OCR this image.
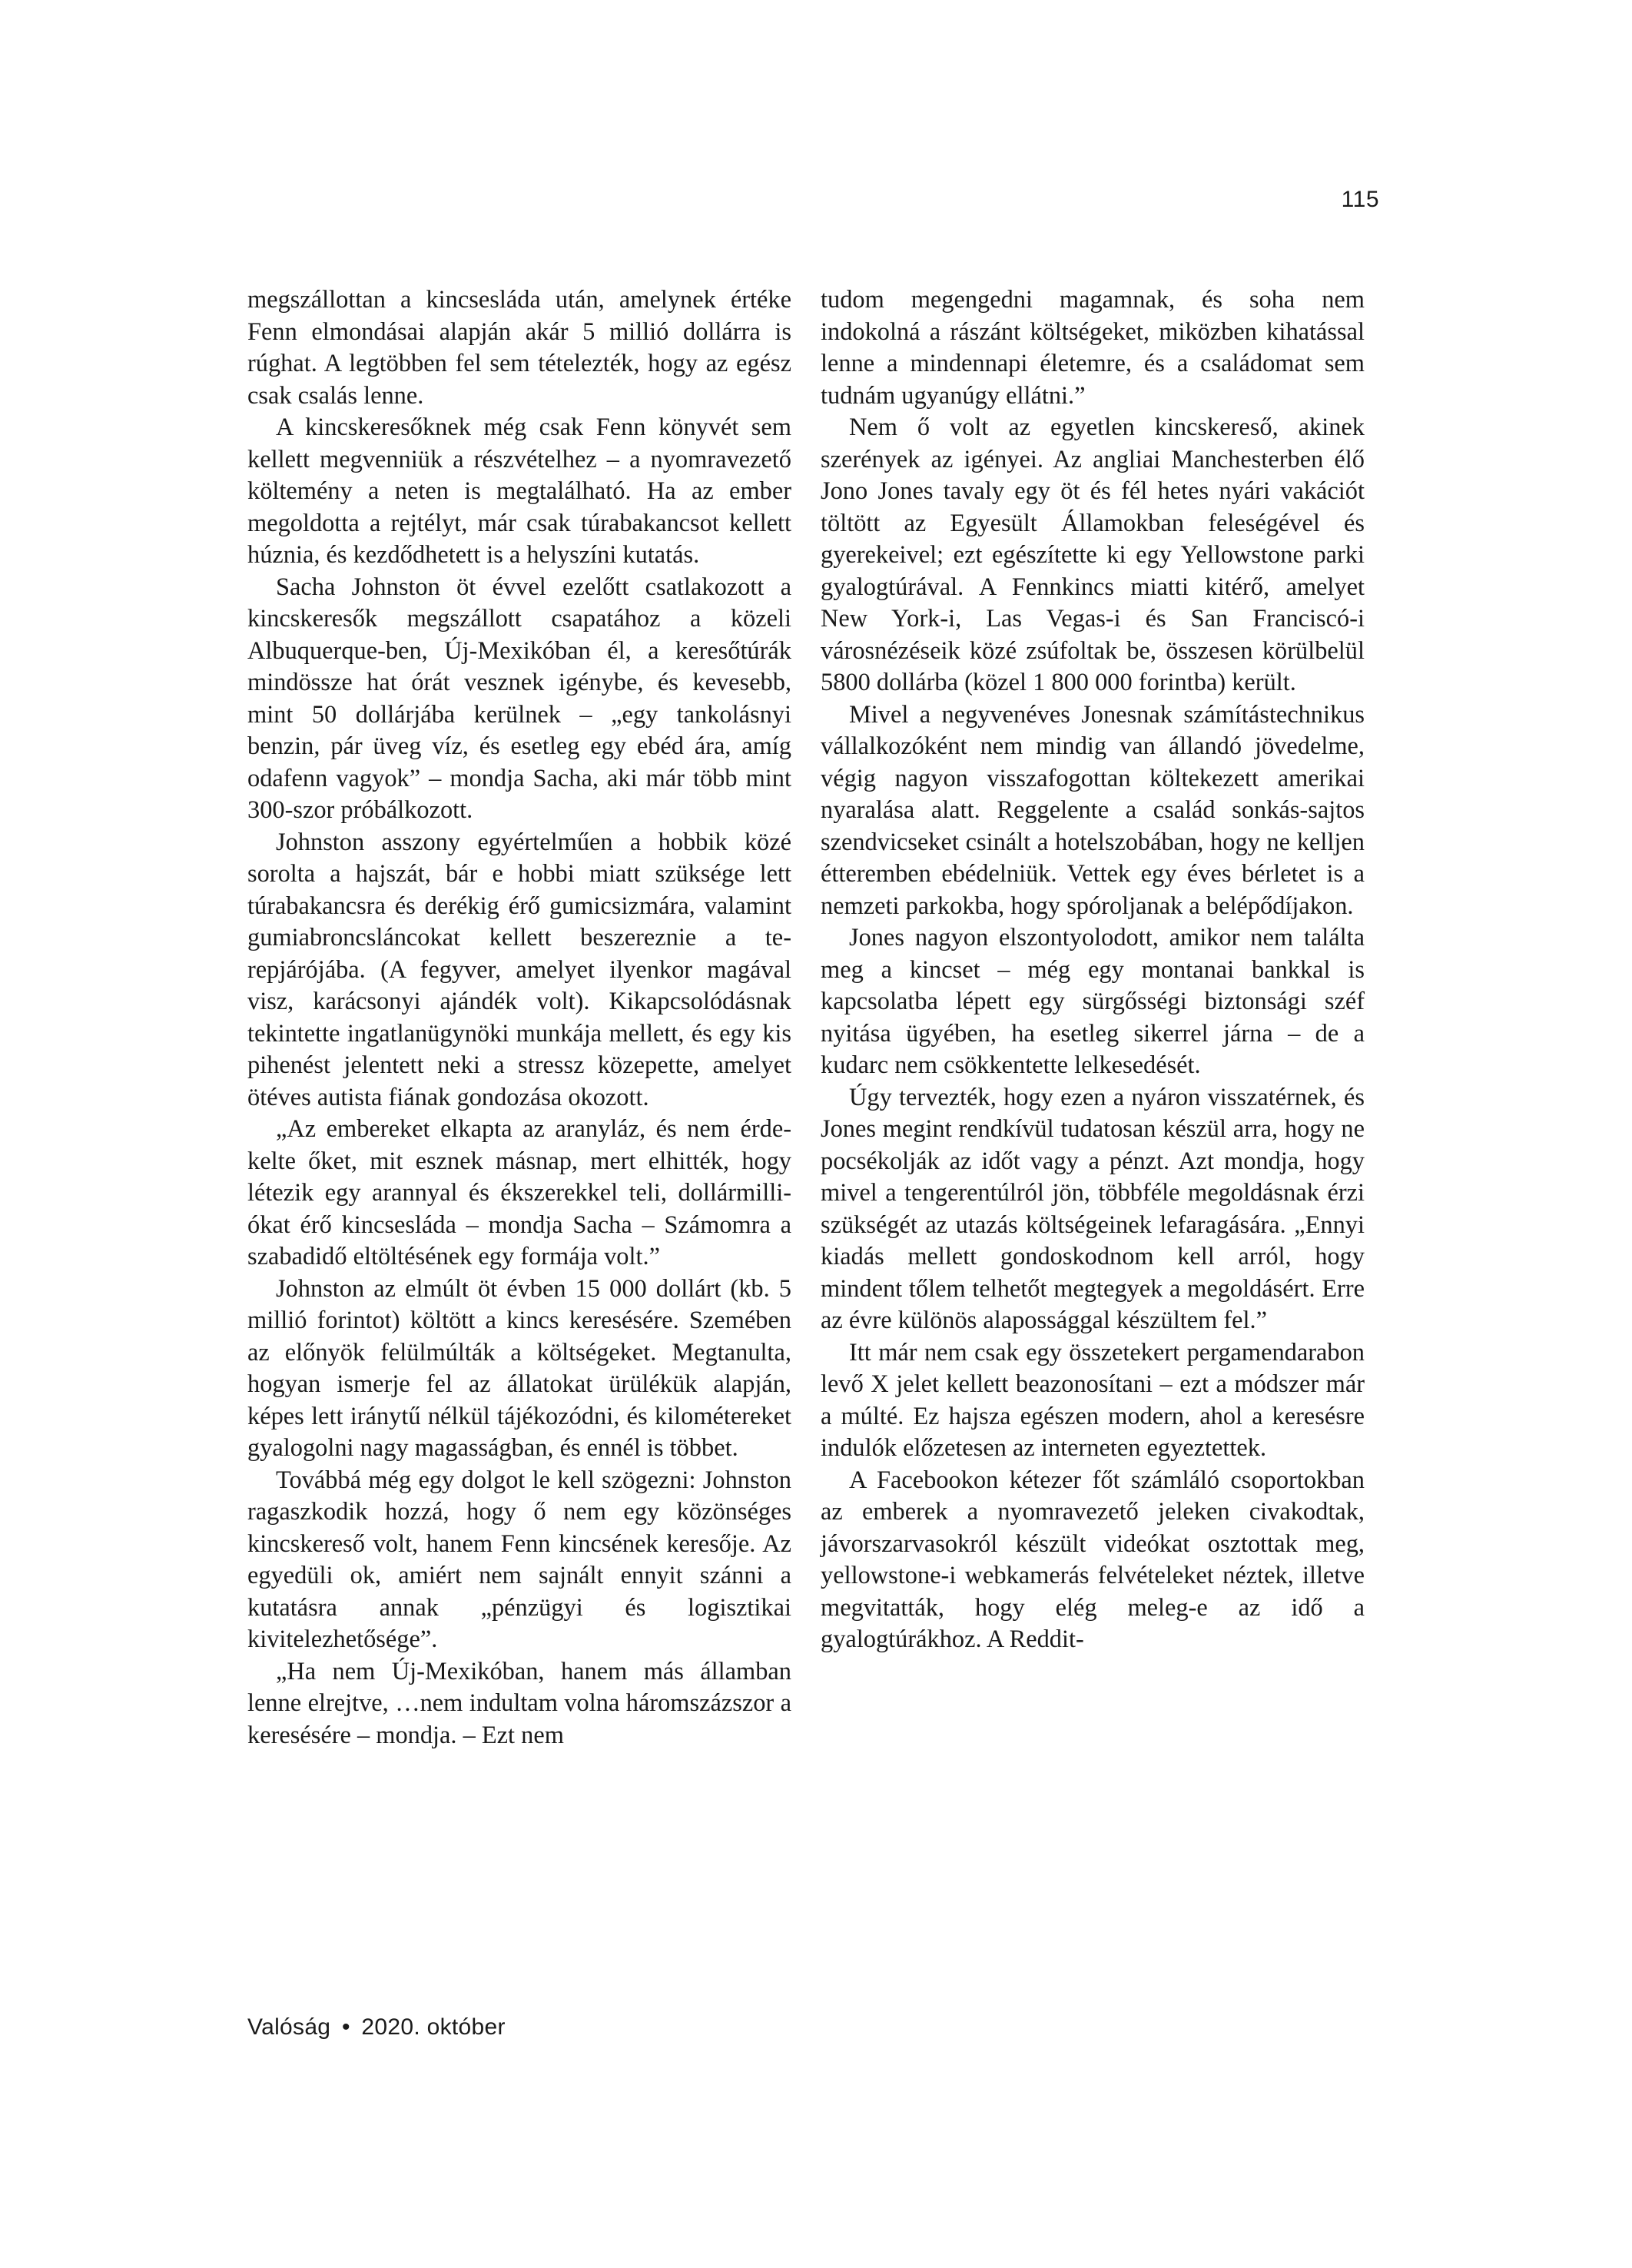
115

megszállottan a kincsesláda után, amelynek értéke Fenn elmondásai alapján akár 5 millió dollárra is rúghat. A legtöbben fel sem tételezték, hogy az egész csak csalás lenne.

A kincskeresőknek még csak Fenn könyvét sem kellett megvenniük a részvételhez – a nyomravezető költemény a neten is megtalálható. Ha az ember megoldotta a rejtélyt, már csak túrabakancsot kellett húznia, és kezdődhetett is a helyszíni kutatás.

Sacha Johnston öt évvel ezelőtt csatlakozott a kincskeresők megszállott csapatához a közeli Albuquerque-ben, Új-Mexikóban él, a keresőtúrák mindössze hat órát vesznek igénybe, és kevesebb, mint 50 dollárjába kerülnek – „egy tankolásnyi benzin, pár üveg víz, és esetleg egy ebéd ára, amíg odafenn vagyok” – mondja Sacha, aki már több mint 300-szor próbálkozott.

Johnston asszony egyértelműen a hobbik közé sorolta a hajszát, bár e hobbi miatt szüksége lett túrabakancsra és derékig érő gumicsizmára, valamint gumiabroncsláncokat kellett beszereznie a terepjárójába. (A fegyver, amelyet ilyenkor magával visz, karácsonyi ajándék volt). Kikapcsolódásnak tekintette ingatlanügynöki munkája mellett, és egy kis pihenést jelentett neki a stressz közepette, amelyet ötéves autista fiának gondozása okozott.

„Az embereket elkapta az aranyláz, és nem érdekelte őket, mit esznek másnap, mert elhitték, hogy létezik egy arannyal és ékszerekkel teli, dollármilliókat érő kincsesláda – mondja Sacha – Számomra a szabadidő eltöltésének egy formája volt.”

Johnston az elmúlt öt évben 15 000 dollárt (kb. 5 millió forintot) költött a kincs keresésére. Szemében az előnyök felülmúlták a költségeket. Megtanulta, hogyan ismerje fel az állatokat ürülékük alapján, képes lett iránytű nélkül tájékozódni, és kilométereket gyalogolni nagy magasságban, és ennél is többet.

Továbbá még egy dolgot le kell szögezni: Johnston ragaszkodik hozzá, hogy ő nem egy közönséges kincskereső volt, hanem Fenn kincsének keresője. Az egyedüli ok, amiért nem sajnált ennyit szánni a kutatásra annak „pénzügyi és logisztikai kivitelezhetősége”.

„Ha nem Új-Mexikóban, hanem más államban lenne elrejtve, …nem indultam volna háromszázszor a keresésére – mondja. – Ezt nem

tudom megengedni magamnak, és soha nem indokolná a rászánt költségeket, miközben kihatással lenne a mindennapi életemre, és a családomat sem tudnám ugyanúgy ellátni.”

Nem ő volt az egyetlen kincskereső, akinek szerények az igényei. Az angliai Manchesterben élő Jono Jones tavaly egy öt és fél hetes nyári vakációt töltött az Egyesült Államokban feleségével és gyerekeivel; ezt egészítette ki egy Yellowstone parki gyalogtúrával. A Fennkincs miatti kitérő, amelyet New York-i, Las Vegas-i és San Franciscó-i városnézéseik közé zsúfoltak be, összesen körülbelül 5800 dollárba (közel 1 800 000 forintba) került.

Mivel a negyvenéves Jonesnak számítástechnikus vállalkozóként nem mindig van állandó jövedelme, végig nagyon visszafogottan költekezett amerikai nyaralása alatt. Reggelente a család sonkás-sajtos szendvicseket csinált a hotelszobában, hogy ne kelljen étteremben ebédelniük. Vettek egy éves bérletet is a nemzeti parkokba, hogy spóroljanak a belépődíjakon.

Jones nagyon elszontyolodott, amikor nem találta meg a kincset – még egy montanai bankkal is kapcsolatba lépett egy sürgősségi biztonsági széf nyitása ügyében, ha esetleg sikerrel járna – de a kudarc nem csökkentette lelkesedését.

Úgy tervezték, hogy ezen a nyáron visszatérnek, és Jones megint rendkívül tudatosan készül arra, hogy ne pocsékolják az időt vagy a pénzt. Azt mondja, hogy mivel a tengerentúlról jön, többféle megoldásnak érzi szükségét az utazás költségeinek lefaragására. „Ennyi kiadás mellett gondoskodnom kell arról, hogy mindent tőlem telhetőt megtegyek a megoldásért. Erre az évre különös alapossággal készültem fel.”

Itt már nem csak egy összetekert pergamendarabon levő X jelet kellett beazonosítani – ezt a módszer már a múlté. Ez hajsza egészen modern, ahol a keresésre indulók előzetesen az interneten egyeztettek.

A Facebookon kétezer főt számláló csoportokban az emberek a nyomravezető jeleken civakodtak, jávorszarvasokról készült videókat osztottak meg, yellowstone-i webkamerás felvételeket néztek, illetve megvitatták, hogy elég meleg-e az idő a gyalogtúrákhoz. A Reddit-

Valóság • 2020. október
